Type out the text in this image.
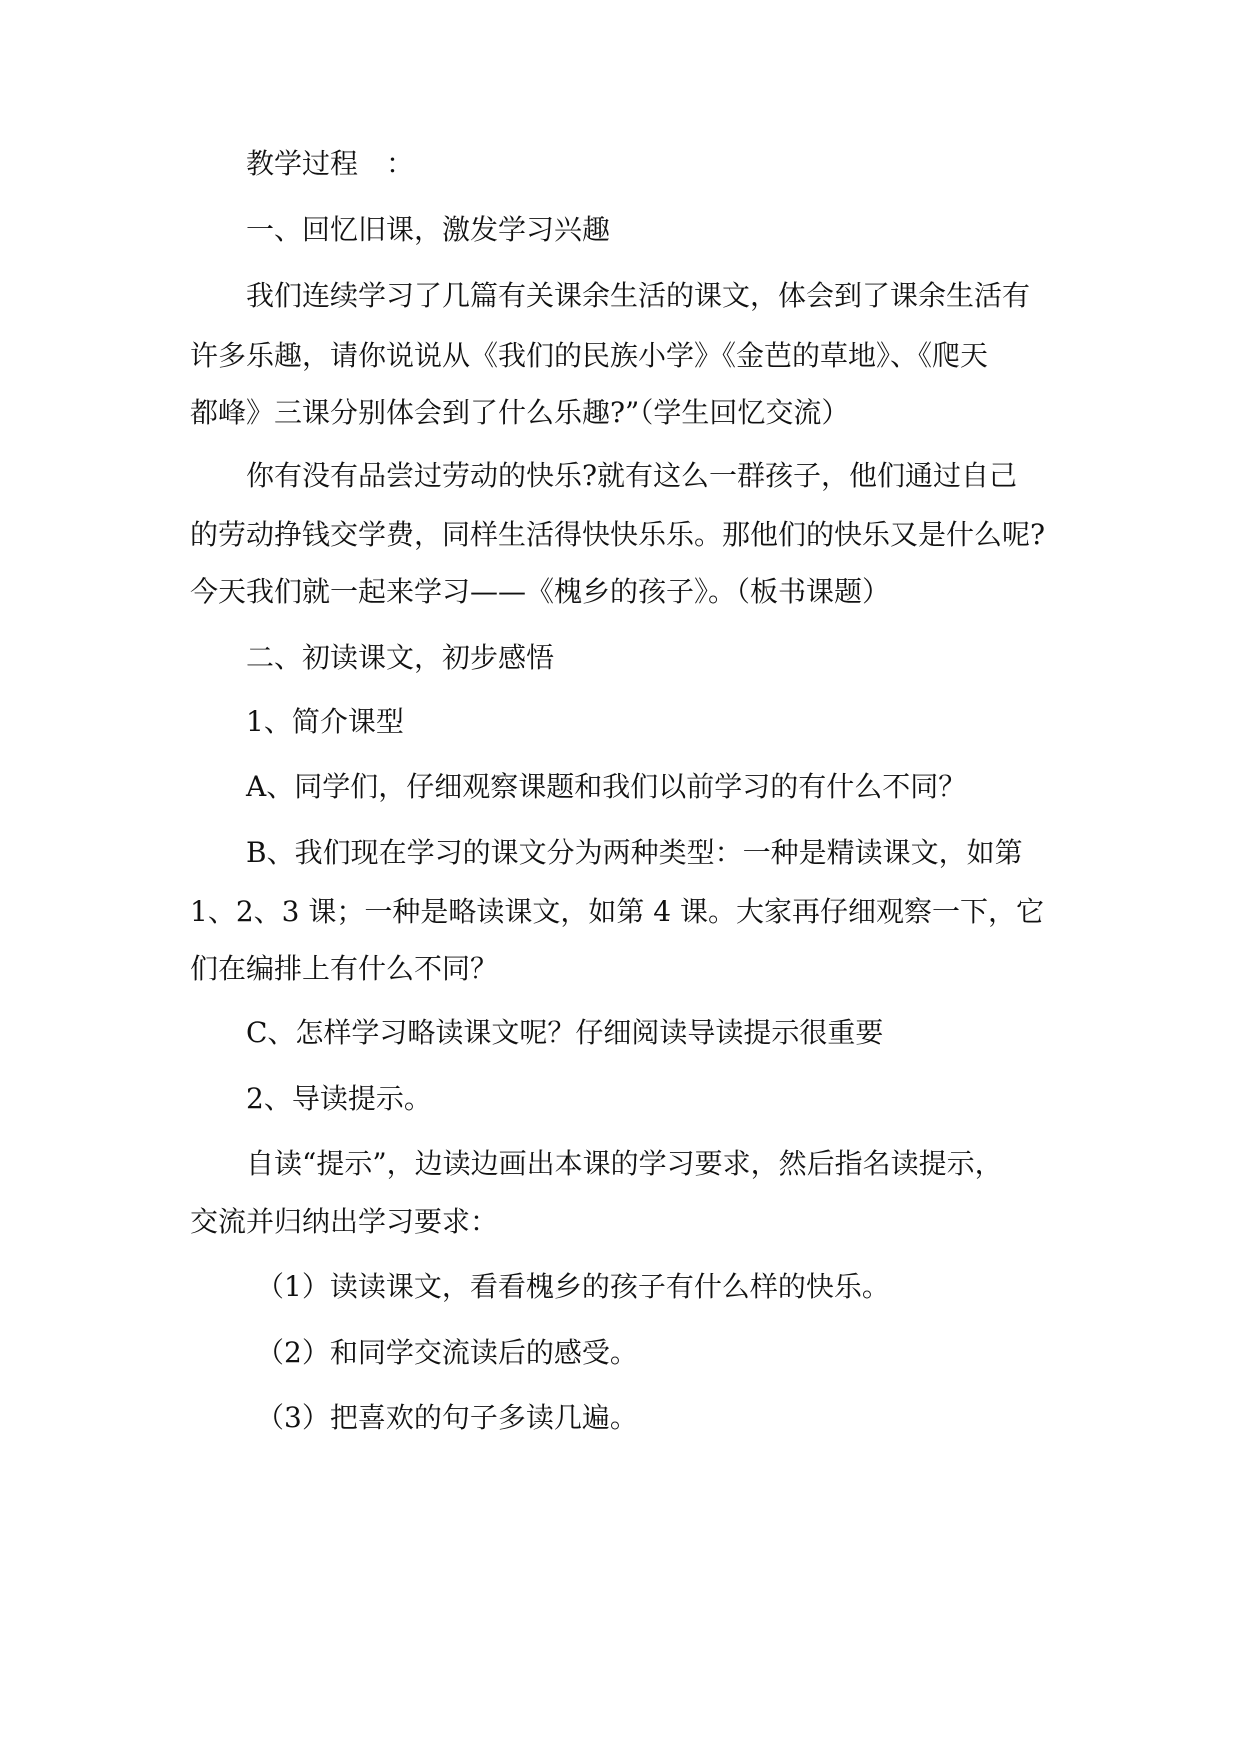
教学过程　：
一、回忆旧课，激发学习兴趣
我们连续学习了几篇有关课余生活的课文，体会到了课余生活有
许多乐趣，请你说说从《我们的民族小学》《金芭的草地》、《爬天
都峰》三课分别体会到了什么乐趣?”（学生回忆交流）
你有没有品尝过劳动的快乐?就有这么一群孩子，他们通过自己
的劳动挣钱交学费，同样生活得快快乐乐。那他们的快乐又是什么呢?
今天我们就一起来学习——《槐乡的孩子》。（板书课题）
二、初读课文，初步感悟
1、简介课型
A、同学们，仔细观察课题和我们以前学习的有什么不同？
B、我们现在学习的课文分为两种类型：一种是精读课文，如第
1、2、3 课；一种是略读课文，如第 4 课。大家再仔细观察一下，它
们在编排上有什么不同？
C、怎样学习略读课文呢？仔细阅读导读提示很重要
2、导读提示。
自读“提示”，边读边画出本课的学习要求，然后指名读提示，
交流并归纳出学习要求：
（1）读读课文，看看槐乡的孩子有什么样的快乐。
（2）和同学交流读后的感受。
（3）把喜欢的句子多读几遍。
